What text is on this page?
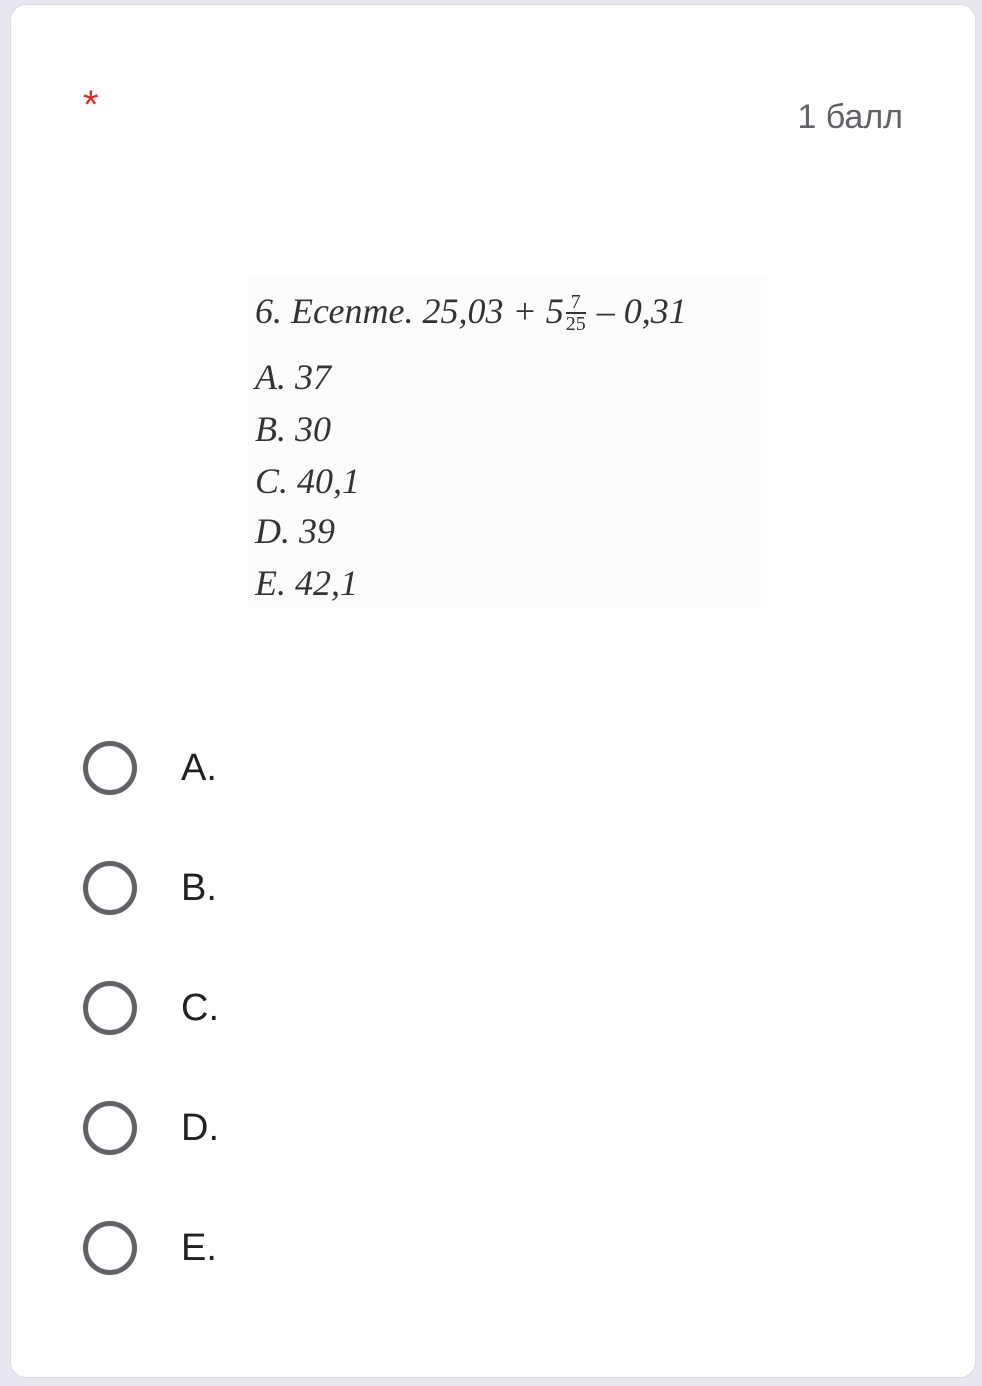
*	1 балл
6. Есепте. $25,03 + 5 \frac{7}{25} - 0,31$
A. 37
B. 30
C. 40,1
D. 39
E. 42,1
A.
B.
C.
D.
E.
